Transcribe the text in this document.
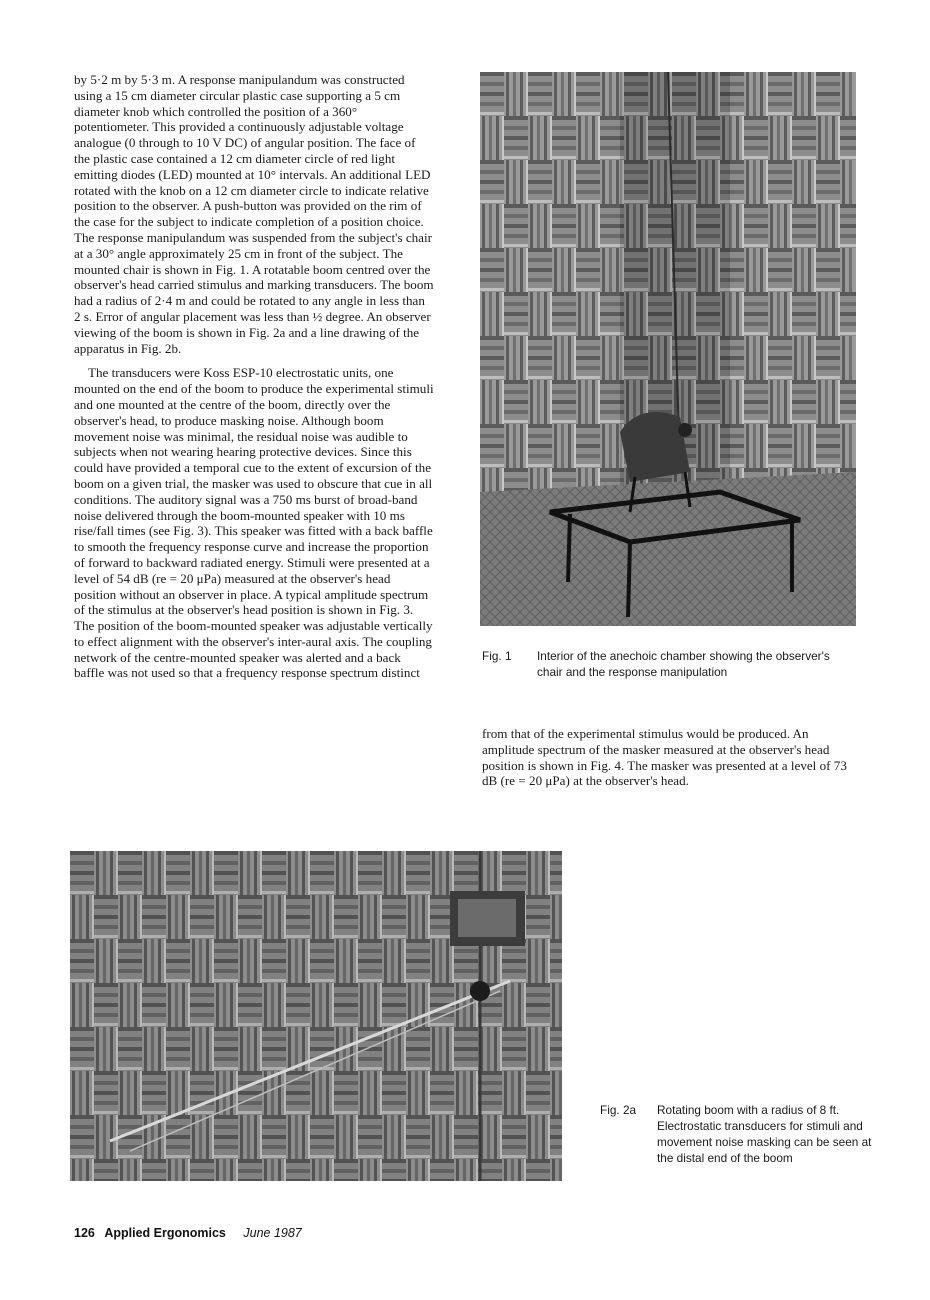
by 5·2 m by 5·3 m. A response manipulandum was constructed using a 15 cm diameter circular plastic case supporting a 5 cm diameter knob which controlled the position of a 360° potentiometer. This provided a continuously adjustable voltage analogue (0 through to 10 V DC) of angular position. The face of the plastic case contained a 12 cm diameter circle of red light emitting diodes (LED) mounted at 10° intervals. An additional LED rotated with the knob on a 12 cm diameter circle to indicate relative position to the observer. A push-button was provided on the rim of the case for the subject to indicate completion of a position choice. The response manipulandum was suspended from the subject's chair at a 30° angle approximately 25 cm in front of the subject. The mounted chair is shown in Fig. 1. A rotatable boom centred over the observer's head carried stimulus and marking transducers. The boom had a radius of 2·4 m and could be rotated to any angle in less than 2 s. Error of angular placement was less than ½ degree. An observer viewing of the boom is shown in Fig. 2a and a line drawing of the apparatus in Fig. 2b.

The transducers were Koss ESP-10 electrostatic units, one mounted on the end of the boom to produce the experimental stimuli and one mounted at the centre of the boom, directly over the observer's head, to produce masking noise. Although boom movement noise was minimal, the residual noise was audible to subjects when not wearing hearing protective devices. Since this could have provided a temporal cue to the extent of excursion of the boom on a given trial, the masker was used to obscure that cue in all conditions. The auditory signal was a 750 ms burst of broad-band noise delivered through the boom-mounted speaker with 10 ms rise/fall times (see Fig. 3). This speaker was fitted with a back baffle to smooth the frequency response curve and increase the proportion of forward to backward radiated energy. Stimuli were presented at a level of 54 dB (re = 20 μPa) measured at the observer's head position without an observer in place. A typical amplitude spectrum of the stimulus at the observer's head position is shown in Fig. 3. The position of the boom-mounted speaker was adjustable vertically to effect alignment with the observer's inter-aural axis. The coupling network of the centre-mounted speaker was alerted and a back baffle was not used so that a frequency response spectrum distinct

Fig. 1 Interior of the anechoic chamber showing the observer's chair and the response manipulation

from that of the experimental stimulus would be produced. An amplitude spectrum of the masker measured at the observer's head position is shown in Fig. 4. The masker was presented at a level of 73 dB (re = 20 μPa) at the observer's head.

Fig. 2a Rotating boom with a radius of 8 ft. Electrostatic transducers for stimuli and movement noise masking can be seen at the distal end of the boom
126 Applied Ergonomics June 1987
